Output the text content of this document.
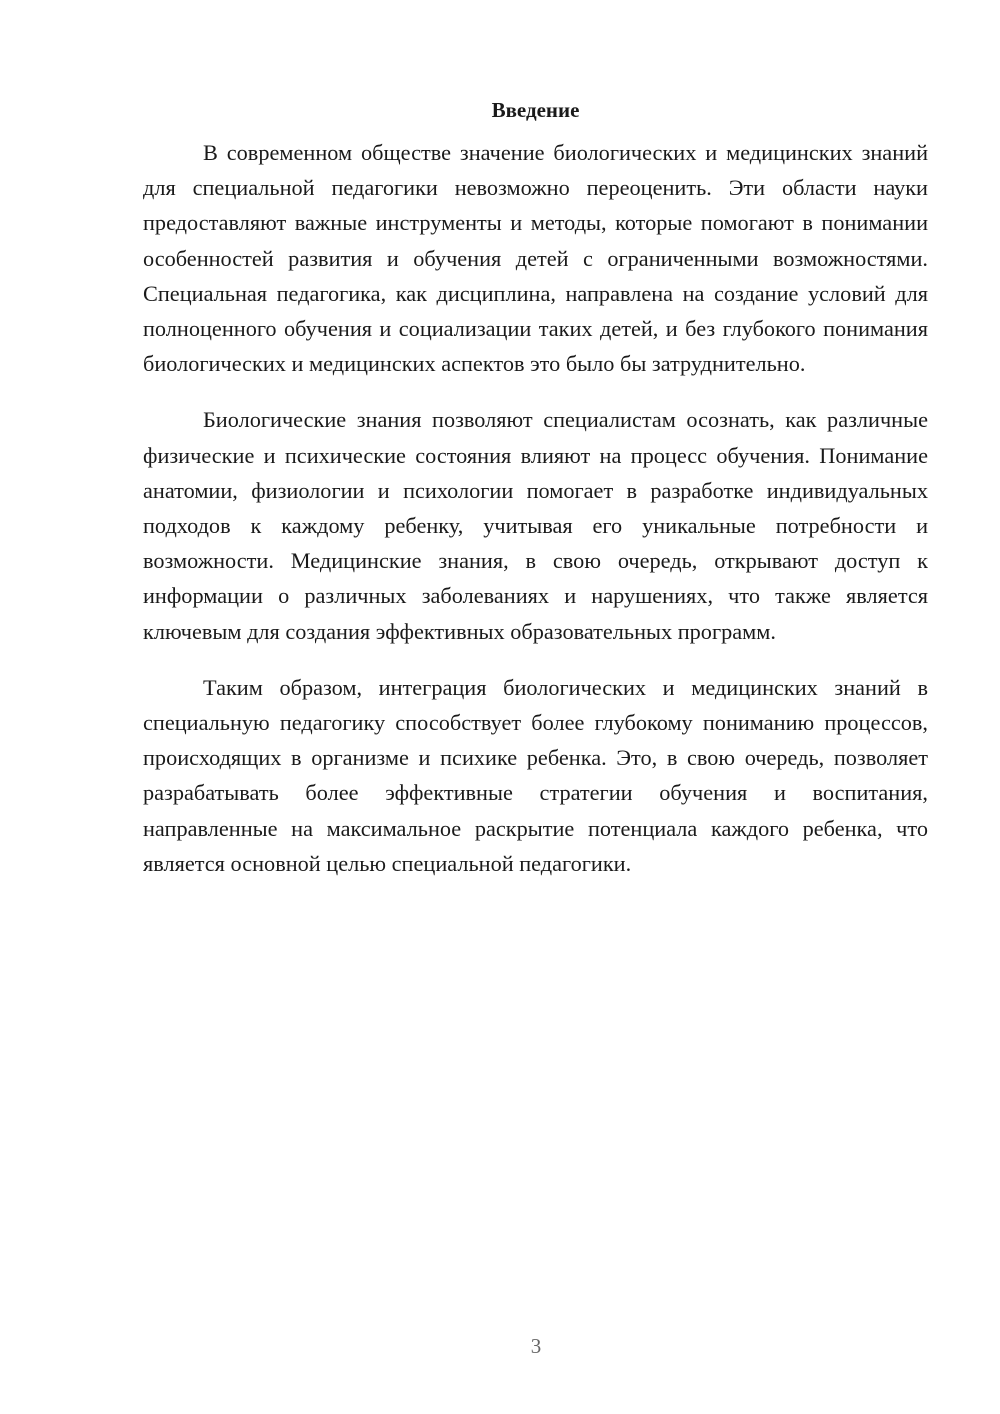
Введение

В современном обществе значение биологических и медицинских знаний для специальной педагогики невозможно переоценить. Эти области науки предоставляют важные инструменты и методы, которые помогают в понимании особенностей развития и обучения детей с ограниченными возможностями. Специальная педагогика, как дисциплина, направлена на создание условий для полноценного обучения и социализации таких детей, и без глубокого понимания биологических и медицинских аспектов это было бы затруднительно.

Биологические знания позволяют специалистам осознать, как различные физические и психические состояния влияют на процесс обучения. Понимание анатомии, физиологии и психологии помогает в разработке индивидуальных подходов к каждому ребенку, учитывая его уникальные потребности и возможности. Медицинские знания, в свою очередь, открывают доступ к информации о различных заболеваниях и нарушениях, что также является ключевым для создания эффективных образовательных программ.

Таким образом, интеграция биологических и медицинских знаний в специальную педагогику способствует более глубокому пониманию процессов, происходящих в организме и психике ребенка. Это, в свою очередь, позволяет разрабатывать более эффективные стратегии обучения и воспитания, направленные на максимальное раскрытие потенциала каждого ребенка, что является основной целью специальной педагогики.

3
